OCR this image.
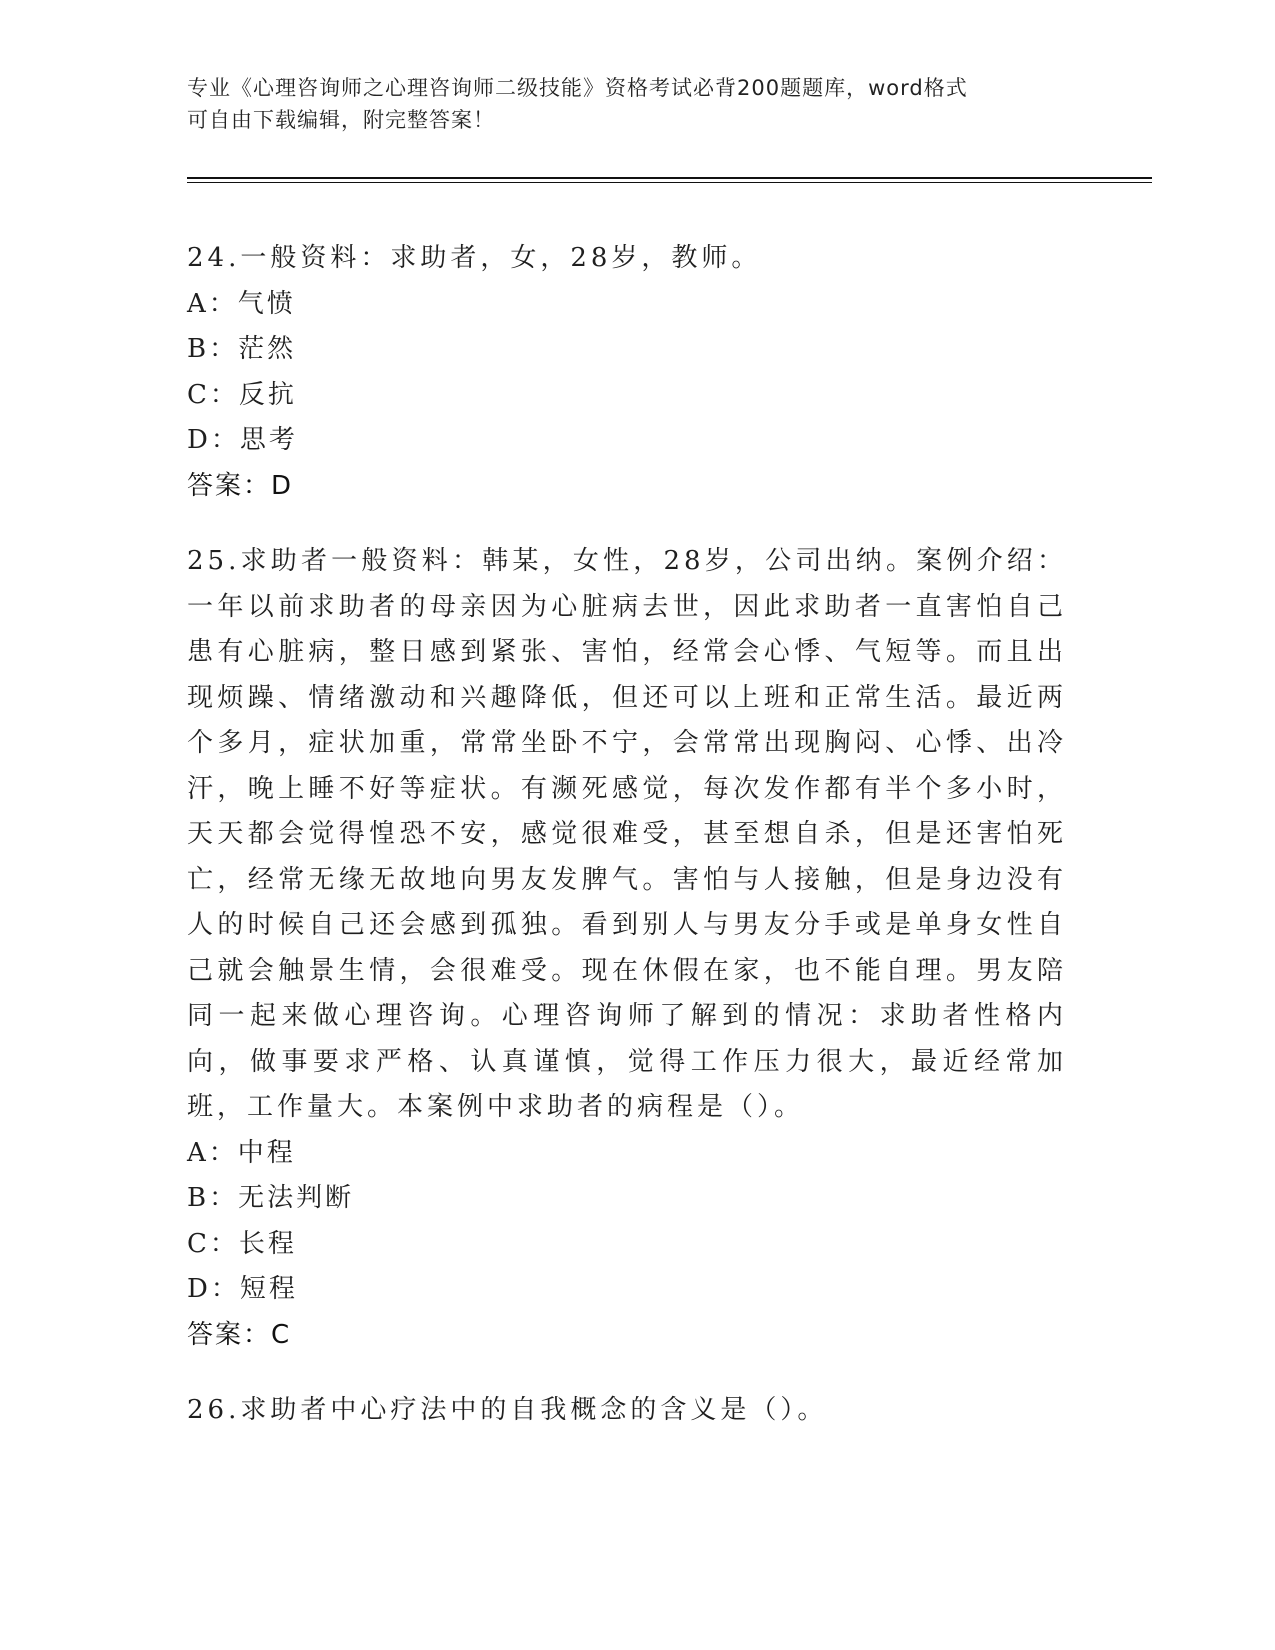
专业《心理咨询师之心理咨询师二级技能》资格考试必背200题题库，word格式
可自由下载编辑，附完整答案！

24.一般资料：求助者，女，28岁，教师。

A：气愤

B：茫然

C：反抗

D：思考

答案：D

25.求助者一般资料：韩某，女性，28岁，公司出纳。案例介绍：一年以前求助者的母亲因为心脏病去世，因此求助者一直害怕自己患有心脏病，整日感到紧张、害怕，经常会心悸、气短等。而且出现烦躁、情绪激动和兴趣降低，但还可以上班和正常生活。最近两个多月，症状加重，常常坐卧不宁，会常常出现胸闷、心悸、出冷汗，晚上睡不好等症状。有濒死感觉，每次发作都有半个多小时，天天都会觉得惶恐不安，感觉很难受，甚至想自杀，但是还害怕死亡，经常无缘无故地向男友发脾气。害怕与人接触，但是身边没有人的时候自己还会感到孤独。看到别人与男友分手或是单身女性自己就会触景生情，会很难受。现在休假在家，也不能自理。男友陪同一起来做心理咨询。心理咨询师了解到的情况：求助者性格内向，做事要求严格、认真谨慎，觉得工作压力很大，最近经常加班，工作量大。本案例中求助者的病程是（）。

A：中程

B：无法判断

C：长程

D：短程

答案：C

26.求助者中心疗法中的自我概念的含义是（）。
